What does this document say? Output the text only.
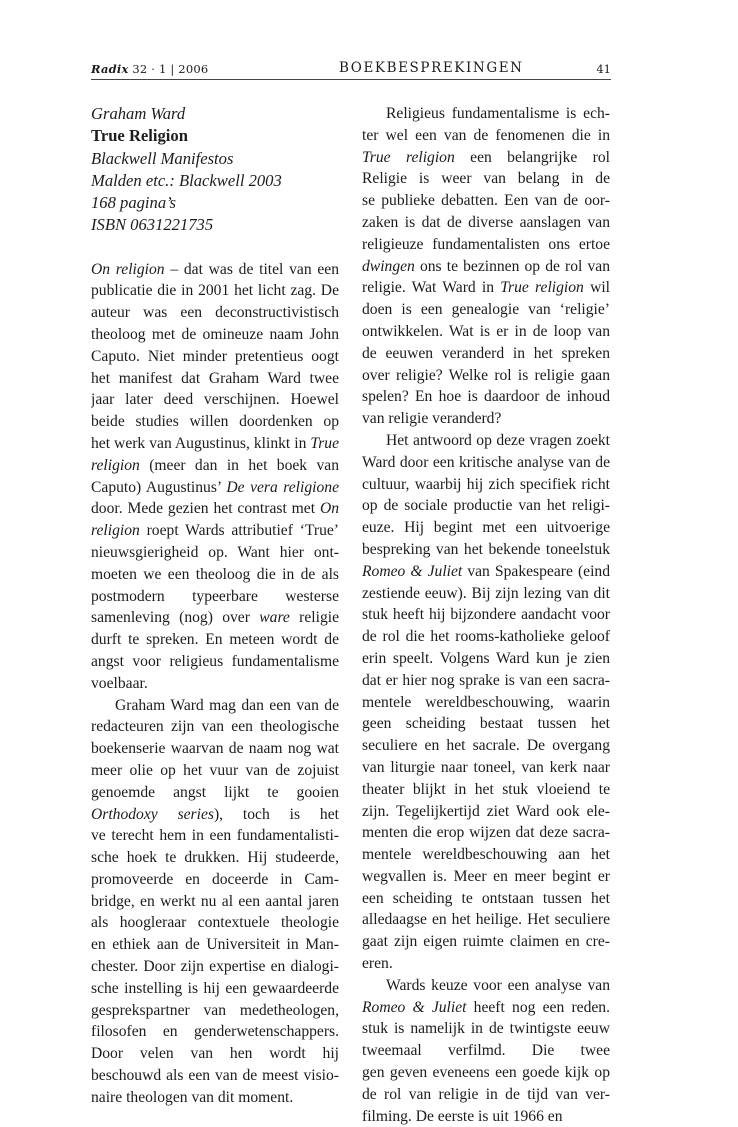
Radix 32 · 1 | 2006	BOEKBESPREKINGEN	41
Graham Ward
True Religion
Blackwell Manifestos
Malden etc.: Blackwell 2003
168 pagina’s
ISBN 0631221735
On religion – dat was de titel van een
publicatie die in 2001 het licht zag. De
auteur was een deconstructivistisch
theoloog met de omineuze naam John
Caputo. Niet minder pretentieus oogt
het manifest dat Graham Ward twee
jaar later deed verschijnen. Hoewel
beide studies willen doordenken op
het werk van Augustinus, klinkt in True
religion (meer dan in het boek van
Caputo) Augustinus’ De vera religione
door. Mede gezien het contrast met On
religion roept Wards attributief ‘True’
nieuwsgierigheid op. Want hier ont-
moeten we een theoloog die in de als
postmodern typeerbare westerse
samenleving (nog) over ware religie
durft te spreken. En meteen wordt de
angst voor religieus fundamentalisme
voelbaar.
Graham Ward mag dan een van de
redacteuren zijn van een theologische
boekenserie waarvan de naam nog wat
meer olie op het vuur van de zojuist
genoemde angst lijkt te gooien
Orthodoxy series), toch is het
ve terecht hem in een fundamentalisti-
sche hoek te drukken. Hij studeerde,
promoveerde en doceerde in Cam-
bridge, en werkt nu al een aantal jaren
als hoogleraar contextuele theologie
en ethiek aan de Universiteit in Man-
chester. Door zijn expertise en dialogi-
sche instelling is hij een gewaardeerde
gesprekspartner van medetheologen,
filosofen en genderwetenschappers.
Door velen van hen wordt hij
beschouwd als een van de meest visio-
naire theologen van dit moment.
Religieus fundamentalisme is ech-
ter wel een van de fenomenen die in
True religion een belangrijke rol
Religie is weer van belang in de
se publieke debatten. Een van de oor-
zaken is dat de diverse aanslagen van
religieuze fundamentalisten ons ertoe
dwingen ons te bezinnen op de rol van
religie. Wat Ward in True religion wil
doen is een genealogie van ‘religie’
ontwikkelen. Wat is er in de loop van
de eeuwen veranderd in het spreken
over religie? Welke rol is religie gaan
spelen? En hoe is daardoor de inhoud
van religie veranderd?
Het antwoord op deze vragen zoekt
Ward door een kritische analyse van de
cultuur, waarbij hij zich specifiek richt
op de sociale productie van het religi-
euze. Hij begint met een uitvoerige
bespreking van het bekende toneelstuk
Romeo & Juliet van Spakespeare (eind
zestiende eeuw). Bij zijn lezing van dit
stuk heeft hij bijzondere aandacht voor
de rol die het rooms-katholieke geloof
erin speelt. Volgens Ward kun je zien
dat er hier nog sprake is van een sacra-
mentele wereldbeschouwing, waarin
geen scheiding bestaat tussen het
seculiere en het sacrale. De overgang
van liturgie naar toneel, van kerk naar
theater blijkt in het stuk vloeiend te
zijn. Tegelijkertijd ziet Ward ook ele-
menten die erop wijzen dat deze sacra-
mentele wereldbeschouwing aan het
wegvallen is. Meer en meer begint er
een scheiding te ontstaan tussen het
alledaagse en het heilige. Het seculiere
gaat zijn eigen ruimte claimen en cre-
eren.
Wards keuze voor een analyse van
Romeo & Juliet heeft nog een reden.
stuk is namelijk in de twintigste eeuw
tweemaal verfilmd. Die twee
gen geven eveneens een goede kijk op
de rol van religie in de tijd van ver-
filming. De eerste is uit 1966 en
